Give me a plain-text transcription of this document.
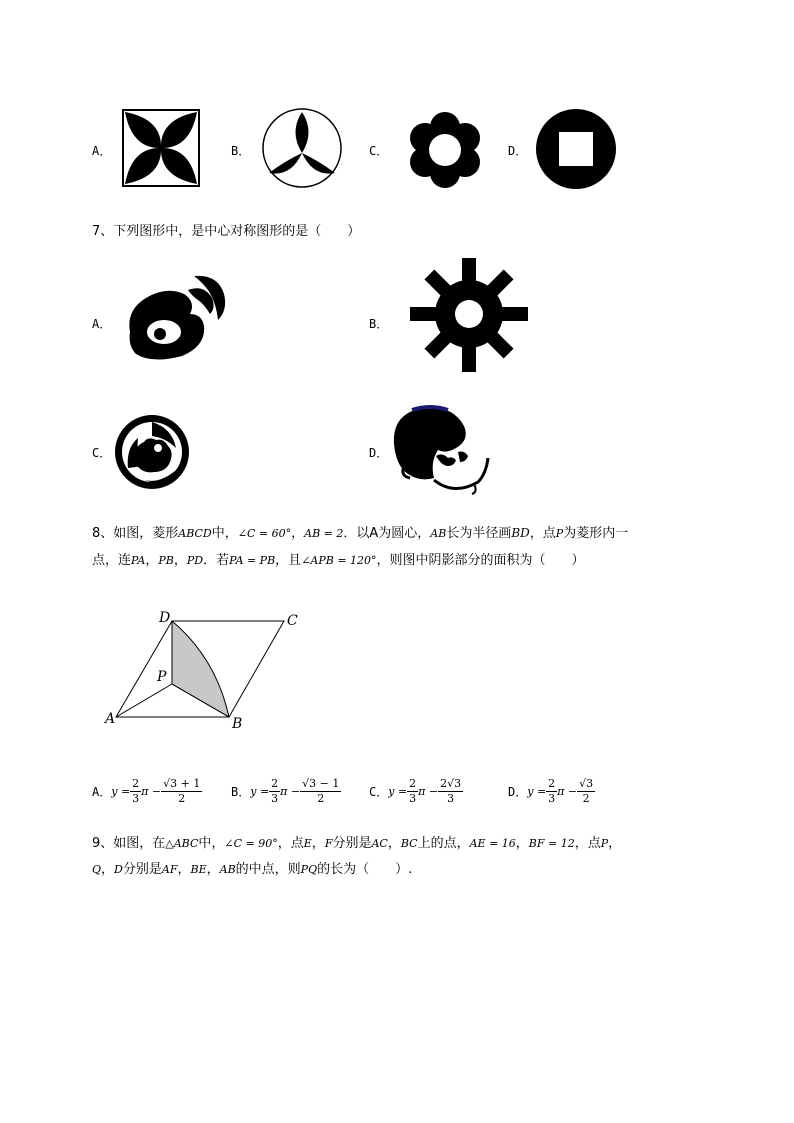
A．	B．	C．	D．
7、下列图形中，是中心对称图形的是（　　）
A．	B．
C．	D．
8、如图，菱形ABCD中，∠C = 60°，AB = 2．以A为圆心，AB长为半径画BD，点P为菱形内一
点，连PA，PB，PD．若PA = PB，且∠APB = 120°，则图中阴影部分的面积为（　　）
D	C
P
A	B
A． $y = \frac{2}{3}$ $\pi - \frac{√3 + 1}{2}$ B． $y = \frac{2}{3}$ $\pi - \frac{√3 - 1}{2}$ C． $y = \frac{2}{3}$ $\pi - \frac{2√3}{3}$	D． $y = \frac{2}{3}$ $\pi - \frac{√3}{2}$
9、如图，在△ABC中，∠C = 90°，点E，F分别是AC，BC上的点，AE = 16，BF = 12，点P，
Q，D分别是AF，BE，AB的中点，则PQ的长为（　　）.
